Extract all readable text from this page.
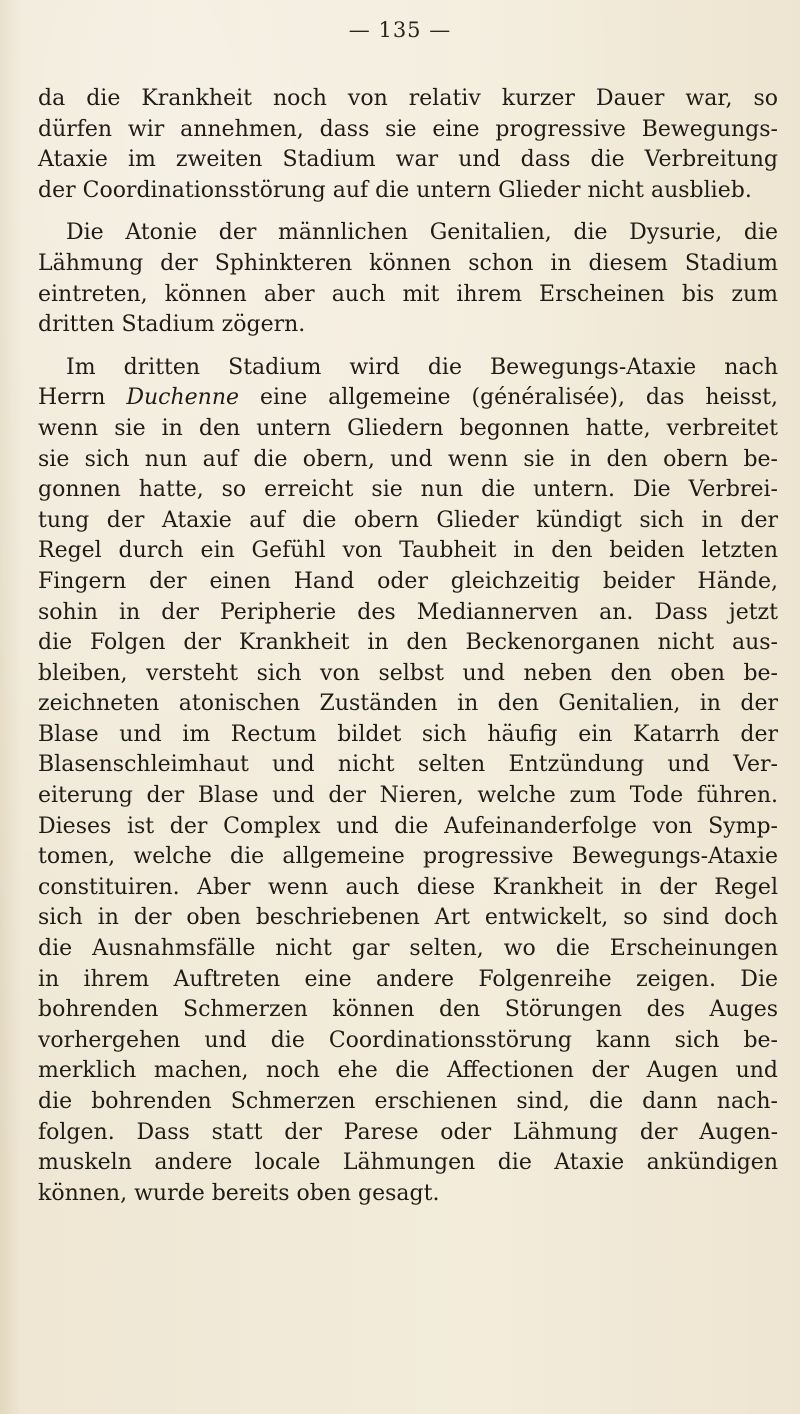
— 135 —

da die Krankheit noch von relativ kurzer Dauer war, so
dürfen wir annehmen, dass sie eine progressive Bewegungs-
Ataxie im zweiten Stadium war und dass die Verbreitung
der Coordinationsstörung auf die untern Glieder nicht ausblieb.

Die Atonie der männlichen Genitalien, die Dysurie, die
Lähmung der Sphinkteren können schon in diesem Stadium
eintreten, können aber auch mit ihrem Erscheinen bis zum
dritten Stadium zögern.

Im dritten Stadium wird die Bewegungs-Ataxie nach
Herrn Duchenne eine allgemeine (généralisée), das heisst,
wenn sie in den untern Gliedern begonnen hatte, verbreitet
sie sich nun auf die obern, und wenn sie in den obern be-
gonnen hatte, so erreicht sie nun die untern. Die Verbrei-
tung der Ataxie auf die obern Glieder kündigt sich in der
Regel durch ein Gefühl von Taubheit in den beiden letzten
Fingern der einen Hand oder gleichzeitig beider Hände,
sohin in der Peripherie des Mediannerven an. Dass jetzt
die Folgen der Krankheit in den Beckenorganen nicht aus-
bleiben, versteht sich von selbst und neben den oben be-
zeichneten atonischen Zuständen in den Genitalien, in der
Blase und im Rectum bildet sich häufig ein Katarrh der
Blasenschleimhaut und nicht selten Entzündung und Ver-
eiterung der Blase und der Nieren, welche zum Tode führen.
Dieses ist der Complex und die Aufeinanderfolge von Symp-
tomen, welche die allgemeine progressive Bewegungs-Ataxie
constituiren. Aber wenn auch diese Krankheit in der Regel
sich in der oben beschriebenen Art entwickelt, so sind doch
die Ausnahmsfälle nicht gar selten, wo die Erscheinungen
in ihrem Auftreten eine andere Folgenreihe zeigen. Die
bohrenden Schmerzen können den Störungen des Auges
vorhergehen und die Coordinationsstörung kann sich be-
merklich machen, noch ehe die Affectionen der Augen und
die bohrenden Schmerzen erschienen sind, die dann nach-
folgen. Dass statt der Parese oder Lähmung der Augen-
muskeln andere locale Lähmungen die Ataxie ankündigen
können, wurde bereits oben gesagt.
